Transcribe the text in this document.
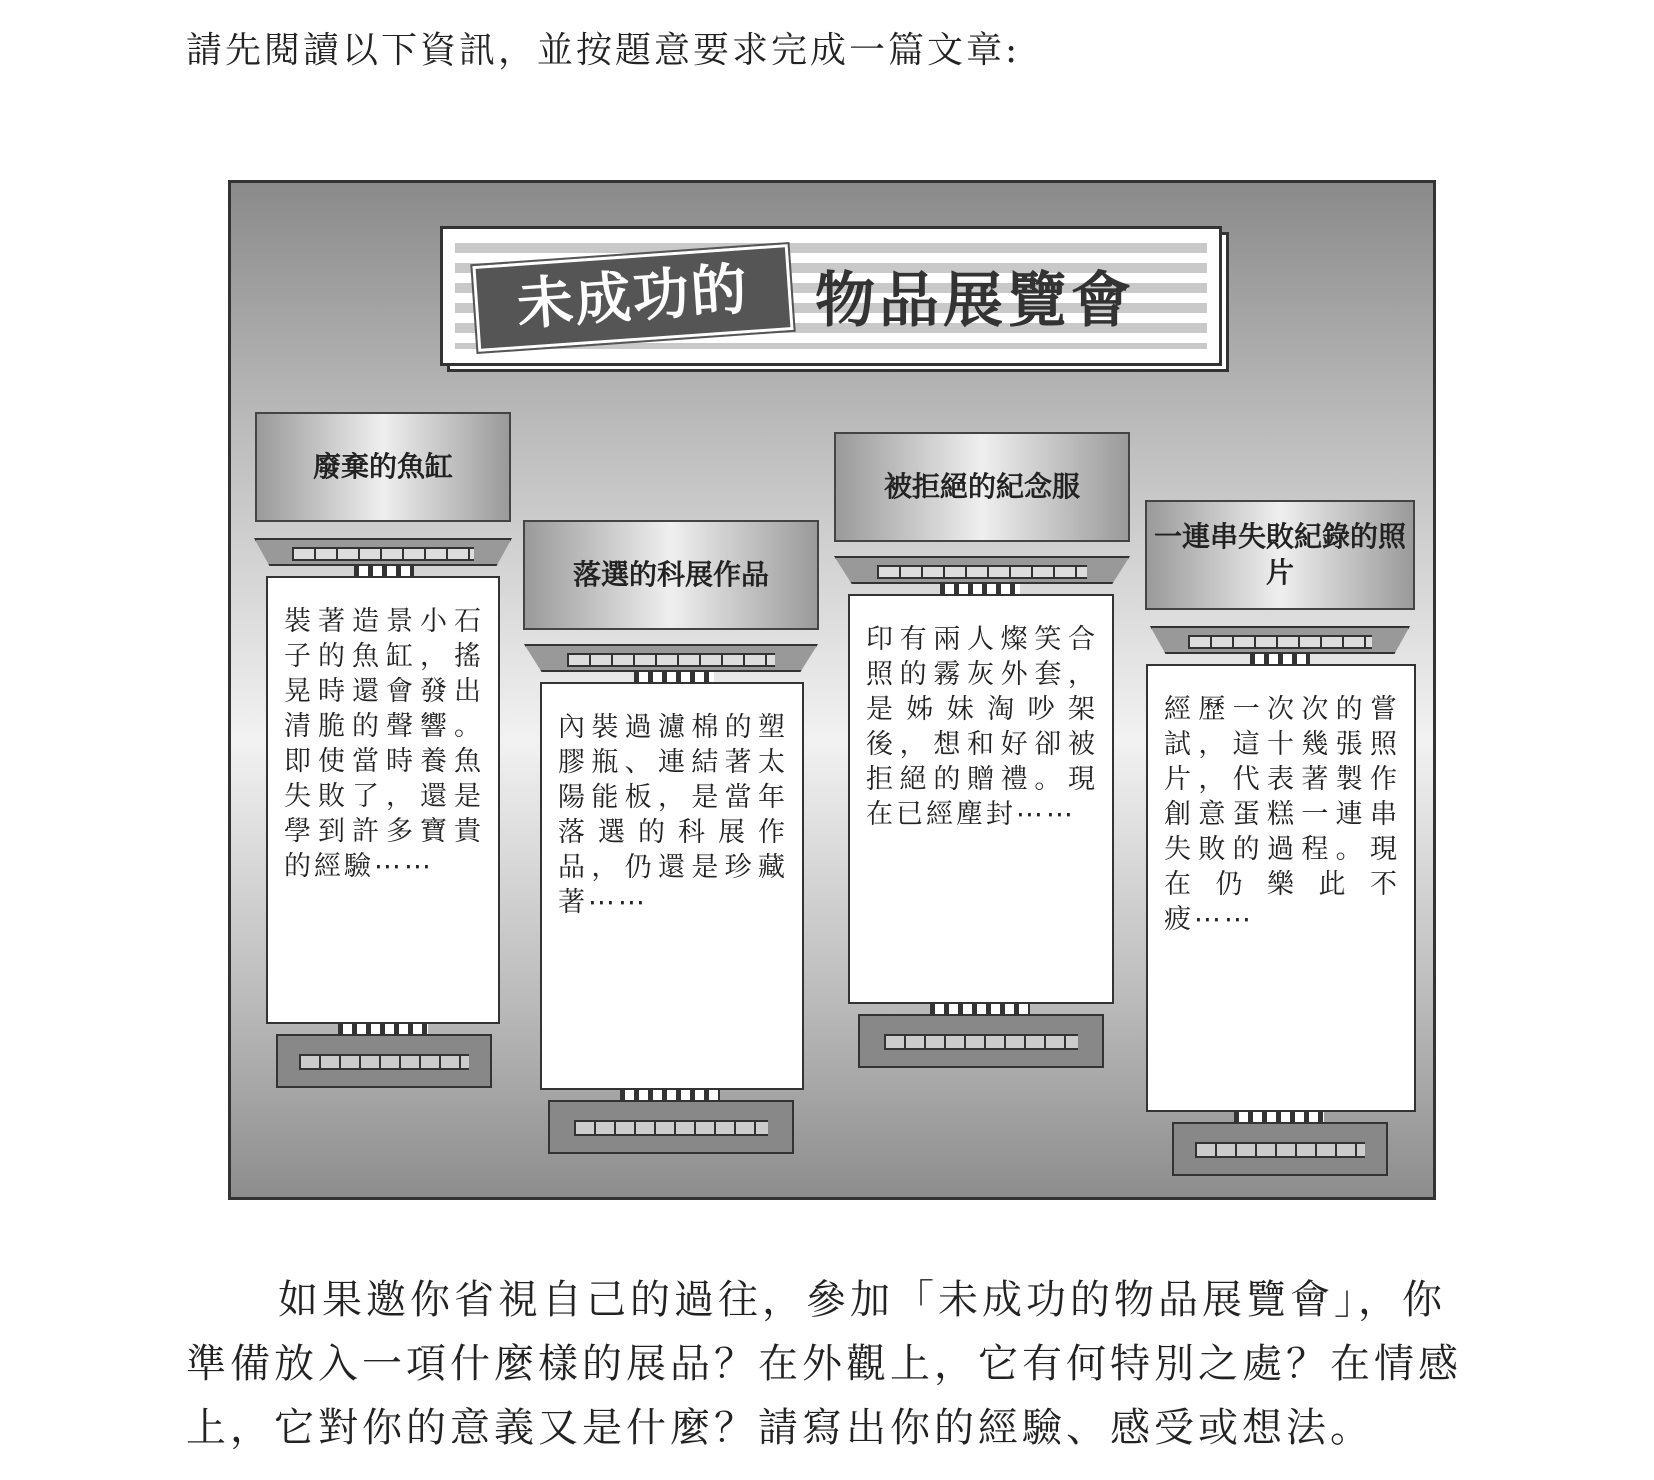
請先閱讀以下資訊，並按題意要求完成一篇文章:
未成功的	物品展覽會
廢棄的魚缸
裝著造景小石子的魚缸，搖晃時還會發出清脆的聲響。即使當時養魚失敗了，還是學到許多寶貴的經驗⋯⋯
落選的科展作品
內裝過濾棉的塑膠瓶、連結著太陽能板，是當年落選的科展作品，仍還是珍藏著⋯⋯
被拒絕的紀念服
印有兩人燦笑合照的霧灰外套，是姊妹淘吵架後，想和好卻被拒絕的贈禮。現在已經塵封⋯⋯
一連串失敗紀錄的照片
經歷一次次的嘗試，這十幾張照片，代表著製作創意蛋糕一連串失敗的過程。現在仍樂此不疲⋯⋯
如果邀你省視自己的過往，參加「未成功的物品展覽會」，你準備放入一項什麼樣的展品？在外觀上，它有何特別之處？在情感上，它對你的意義又是什麼？請寫出你的經驗、感受或想法。
